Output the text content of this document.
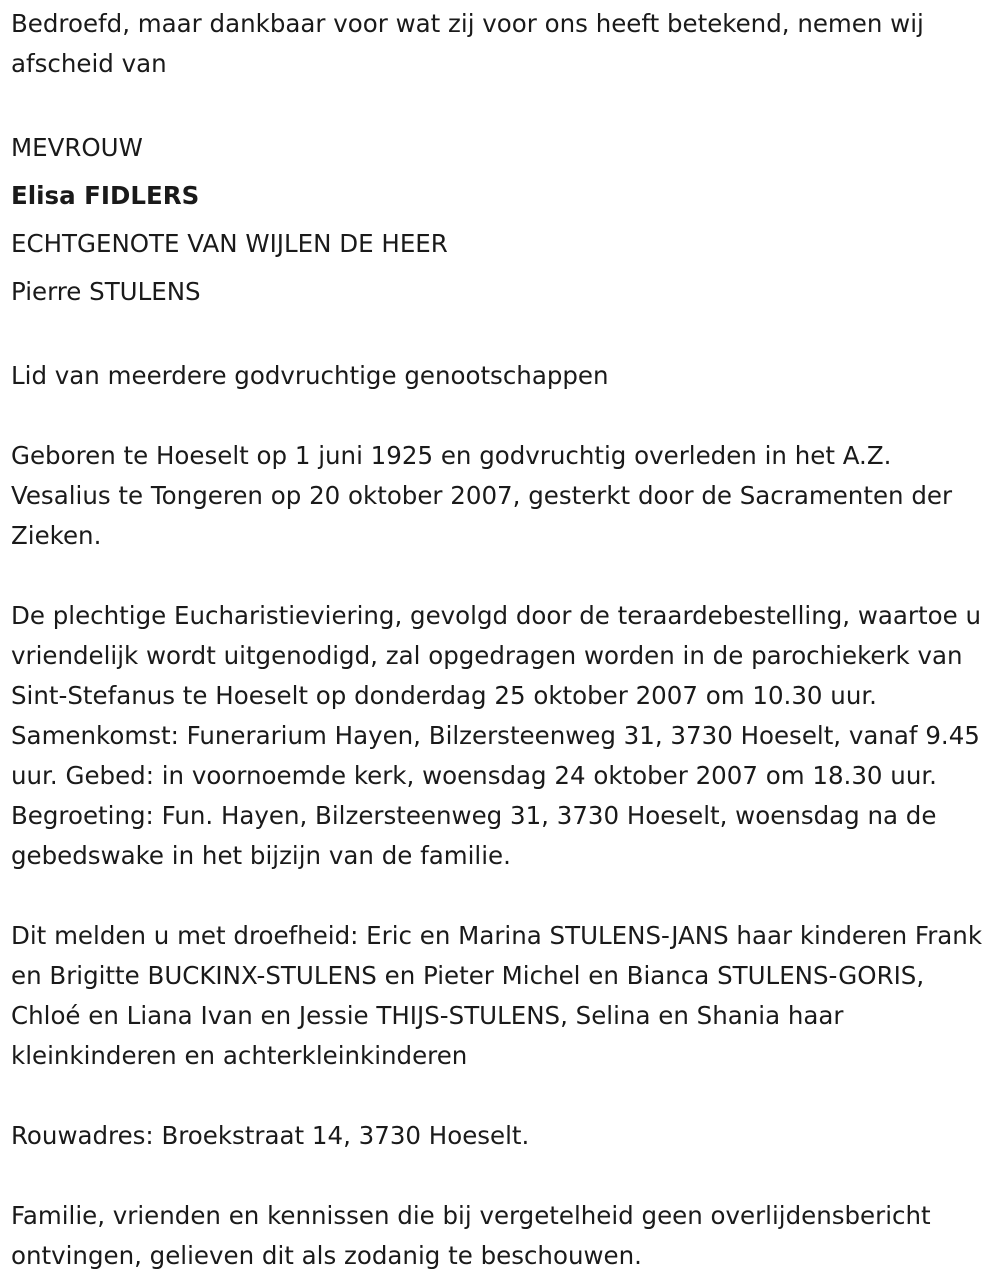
Bedroefd, maar dankbaar voor wat zij voor ons heeft betekend, nemen wij afscheid van

MEVROUW

Elisa FIDLERS

ECHTGENOTE VAN WIJLEN DE HEER

Pierre STULENS

Lid van meerdere godvruchtige genootschappen

Geboren te Hoeselt op 1 juni 1925 en godvruchtig overleden in het A.Z. Vesalius te Tongeren op 20 oktober 2007, gesterkt door de Sacramenten der Zieken.

De plechtige Eucharistieviering, gevolgd door de teraardebestelling, waartoe u vriendelijk wordt uitgenodigd, zal opgedragen worden in de parochiekerk van Sint-Stefanus te Hoeselt op donderdag 25 oktober 2007 om 10.30 uur. Samenkomst: Funerarium Hayen, Bilzersteenweg 31, 3730 Hoeselt, vanaf 9.45 uur. Gebed: in voornoemde kerk, woensdag 24 oktober 2007 om 18.30 uur. Begroeting: Fun. Hayen, Bilzersteenweg 31, 3730 Hoeselt, woensdag na de gebedswake in het bijzijn van de familie.

Dit melden u met droefheid: Eric en Marina STULENS-JANS haar kinderen Frank en Brigitte BUCKINX-STULENS en Pieter Michel en Bianca STULENS-GORIS, Chloé en Liana Ivan en Jessie THIJS-STULENS, Selina en Shania haar kleinkinderen en achterkleinkinderen

Rouwadres: Broekstraat 14, 3730 Hoeselt.

Familie, vrienden en kennissen die bij vergetelheid geen overlijdensbericht ontvingen, gelieven dit als zodanig te beschouwen.
